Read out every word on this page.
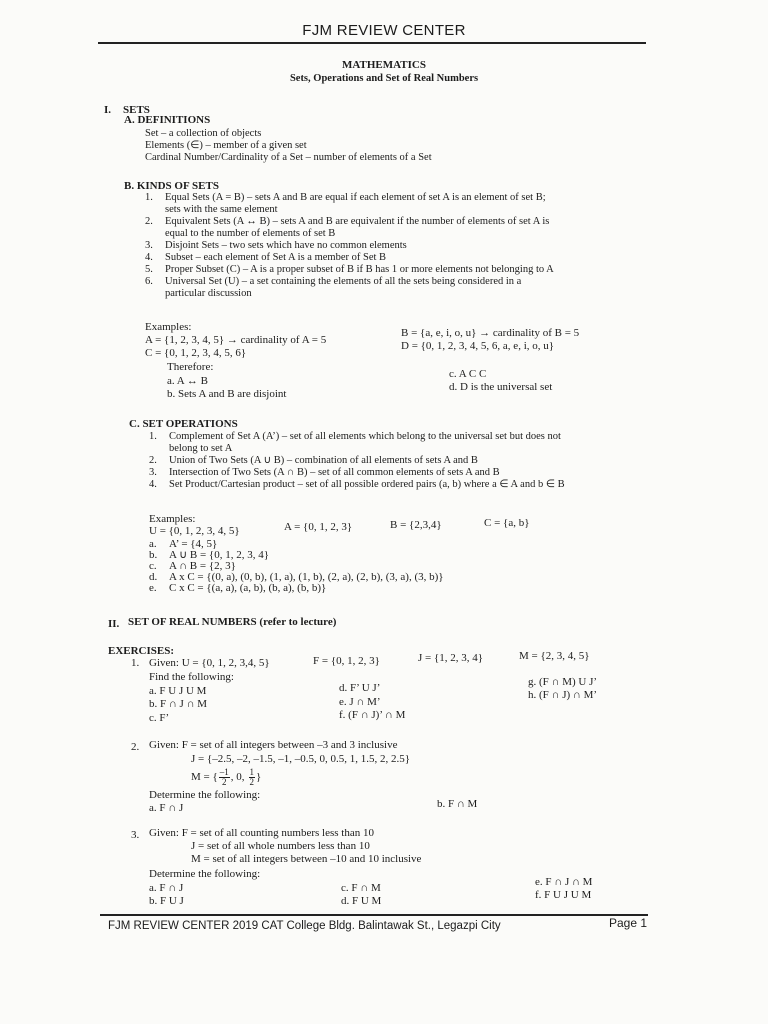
FJM REVIEW CENTER
MATHEMATICS
Sets, Operations and Set of Real Numbers
I. SETS
A. DEFINITIONS
Set – a collection of objects
Elements (∈) – member of a given set
Cardinal Number/Cardinality of a Set – number of elements of a Set
B. KINDS OF SETS
1.	Equal Sets (A = B) – sets A and B are equal if each element of set A is an element of set B;
sets with the same element
2.	Equivalent Sets (A ↔ B) – sets A and B are equivalent if the number of elements of set A is
equal to the number of elements of set B
3.	Disjoint Sets – two sets which have no common elements
4.	Subset – each element of Set A is a member of Set B
5.	Proper Subset (C) – A is a proper subset of B if B has 1 or more elements not belonging to A
6.	Universal Set (U) – a set containing the elements of all the sets being considered in a
particular discussion
Examples:
A = {1, 2, 3, 4, 5} → cardinality of A = 5
C = {0, 1, 2, 3, 4, 5, 6}
B = {a, e, i, o, u} → cardinality of B = 5
D = {0, 1, 2, 3, 4, 5, 6, a, e, i, o, u}
Therefore:
a. A ↔ B
b. Sets A and B are disjoint
c. A C C
d. D is the universal set
C. SET OPERATIONS
1.	Complement of Set A (A’) – set of all elements which belong to the universal set but does not
belong to set A
2.	Union of Two Sets (A ∪ B) – combination of all elements of sets A and B
3.	Intersection of Two Sets (A ∩ B) – set of all common elements of sets A and B
4.	Set Product/Cartesian product – set of all possible ordered pairs (a, b) where a ∈ A and b ∈ B
Examples:
U = {0, 1, 2, 3, 4, 5}	A = {0, 1, 2, 3}	B = {2,3,4}	C = {a, b}
a.	A’ = {4, 5}
b.	A ∪ B = {0, 1, 2, 3, 4}
c.	A ∩ B = {2, 3}
d.	A x C = {(0, a), (0, b), (1, a), (1, b), (2, a), (2, b), (3, a), (3, b)}
e.	C x C = {(a, a), (a, b), (b, a), (b, b)}
II. SET OF REAL NUMBERS (refer to lecture)
EXERCISES:
1. Given: U = {0, 1, 2, 3,4, 5}	F = {0, 1, 2, 3}	J = {1, 2, 3, 4}	M = {2, 3, 4, 5}
Find the following:
a. F U J U M
b. F ∩ J ∩ M
c. F’
d. F’ U J’
e. J ∩ M’
f. (F ∩ J)’ ∩ M
g. (F ∩ M) U J’
h. (F ∩ J) ∩ M’
2. Given: F = set of all integers between –3 and 3 inclusive
J = {–2.5, –2, –1.5, –1, –0.5, 0, 0.5, 1, 1.5, 2, 2.5}
M = { –1
2 , 0, 1
2 }
Determine the following:
a. F ∩ J	b. F ∩ M
3. Given: F = set of all counting numbers less than 10
J = set of all whole numbers less than 10
M = set of all integers between –10 and 10 inclusive
Determine the following:
a. F ∩ J
b. F U J
c. F ∩ M
d. F U M
e. F ∩ J ∩ M
f. F U J U M
FJM REVIEW CENTER 2019 CAT College Bldg. Balintawak St., Legazpi City	Page 1
